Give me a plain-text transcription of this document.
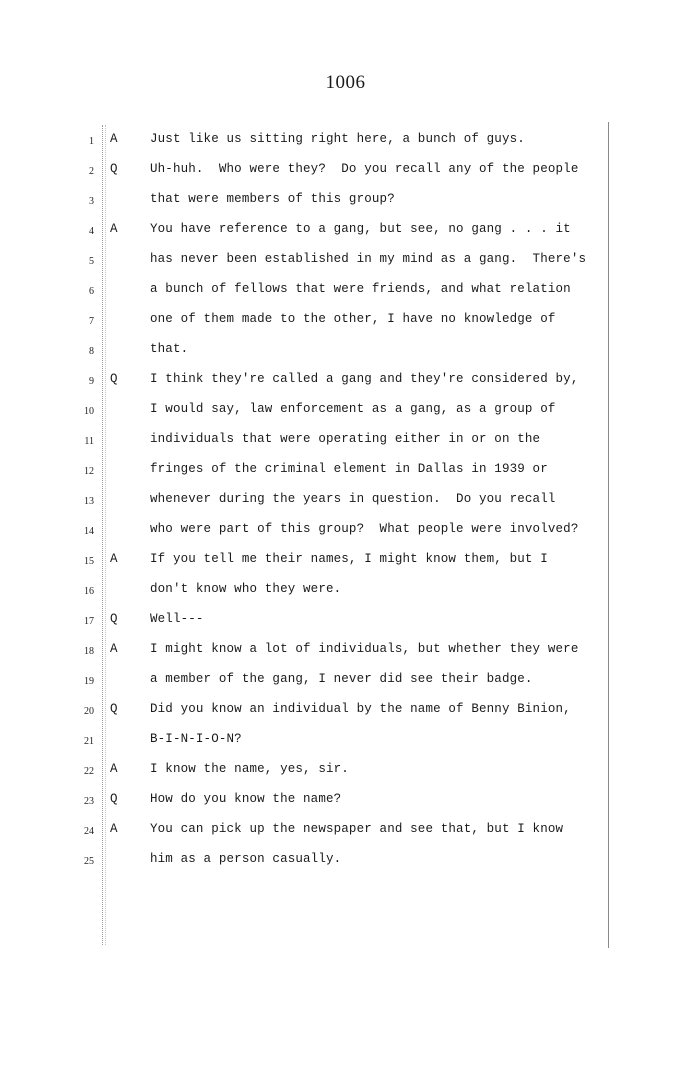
1006
1 A	Just like us sitting right here, a bunch of guys.
2 Q	Uh-huh.  Who were they?  Do you recall any of the people
3	that were members of this group?
4 A	You have reference to a gang, but see, no gang . . . it
5	has never been established in my mind as a gang.  There's
6	a bunch of fellows that were friends, and what relation
7	one of them made to the other, I have no knowledge of
8	that.
9 Q	I think they're called a gang and they're considered by,
10	I would say, law enforcement as a gang, as a group of
11	individuals that were operating either in or on the
12	fringes of the criminal element in Dallas in 1939 or
13	whenever during the years in question.  Do you recall
14	who were part of this group?  What people were involved?
15 A	If you tell me their names, I might know them, but I
16	don't know who they were.
17 Q	Well---
18 A	I might know a lot of individuals, but whether they were
19	a member of the gang, I never did see their badge.
20 Q	Did you know an individual by the name of Benny Binion,
21	B-I-N-I-O-N?
22 A	I know the name, yes, sir.
23 Q	How do you know the name?
24 A	You can pick up the newspaper and see that, but I know
25	him as a person casually.
